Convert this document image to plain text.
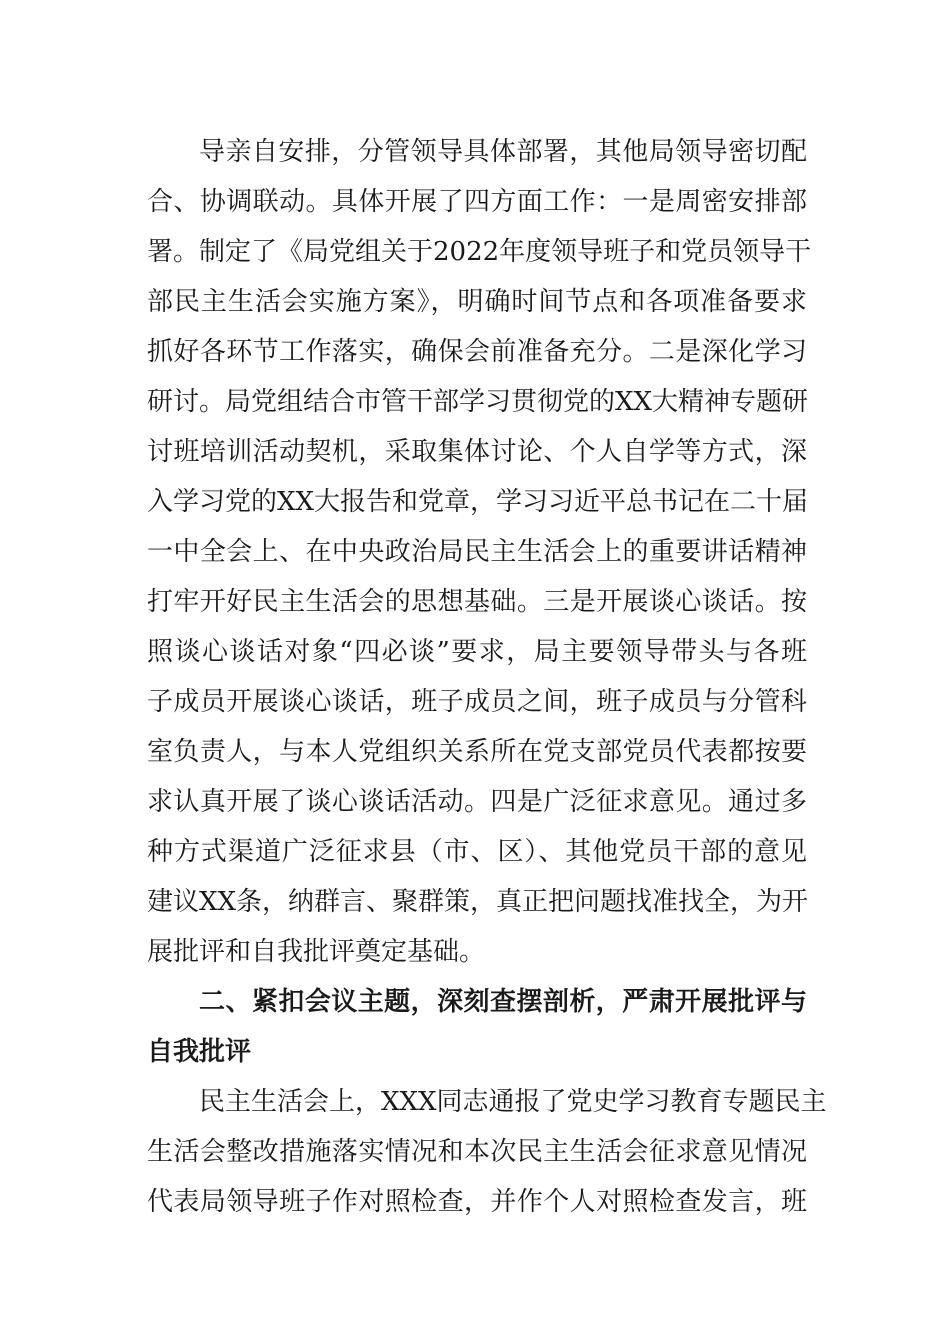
导亲自安排，分管领导具体部署，其他局领导密切配
合、协调联动。具体开展了四方面工作：一是周密安排部
署。制定了《局党组关于2022年度领导班子和党员领导干
部民主生活会实施方案》，明确时间节点和各项准备要求
抓好各环节工作落实，确保会前准备充分。二是深化学习
研讨。局党组结合市管干部学习贯彻党的XX大精神专题研
讨班培训活动契机，采取集体讨论、个人自学等方式，深
入学习党的XX大报告和党章，学习习近平总书记在二十届
一中全会上、在中央政治局民主生活会上的重要讲话精神
打牢开好民主生活会的思想基础。三是开展谈心谈话。按
照谈心谈话对象“四必谈”要求，局主要领导带头与各班
子成员开展谈心谈话，班子成员之间，班子成员与分管科
室负责人，与本人党组织关系所在党支部党员代表都按要
求认真开展了谈心谈话活动。四是广泛征求意见。通过多
种方式渠道广泛征求县（市、区）、其他党员干部的意见
建议XX条，纳群言、聚群策，真正把问题找准找全，为开
展批评和自我批评奠定基础。
二、紧扣会议主题，深刻查摆剖析，严肃开展批评与
自我批评
民主生活会上，XXX同志通报了党史学习教育专题民主
生活会整改措施落实情况和本次民主生活会征求意见情况
代表局领导班子作对照检查，并作个人对照检查发言，班
